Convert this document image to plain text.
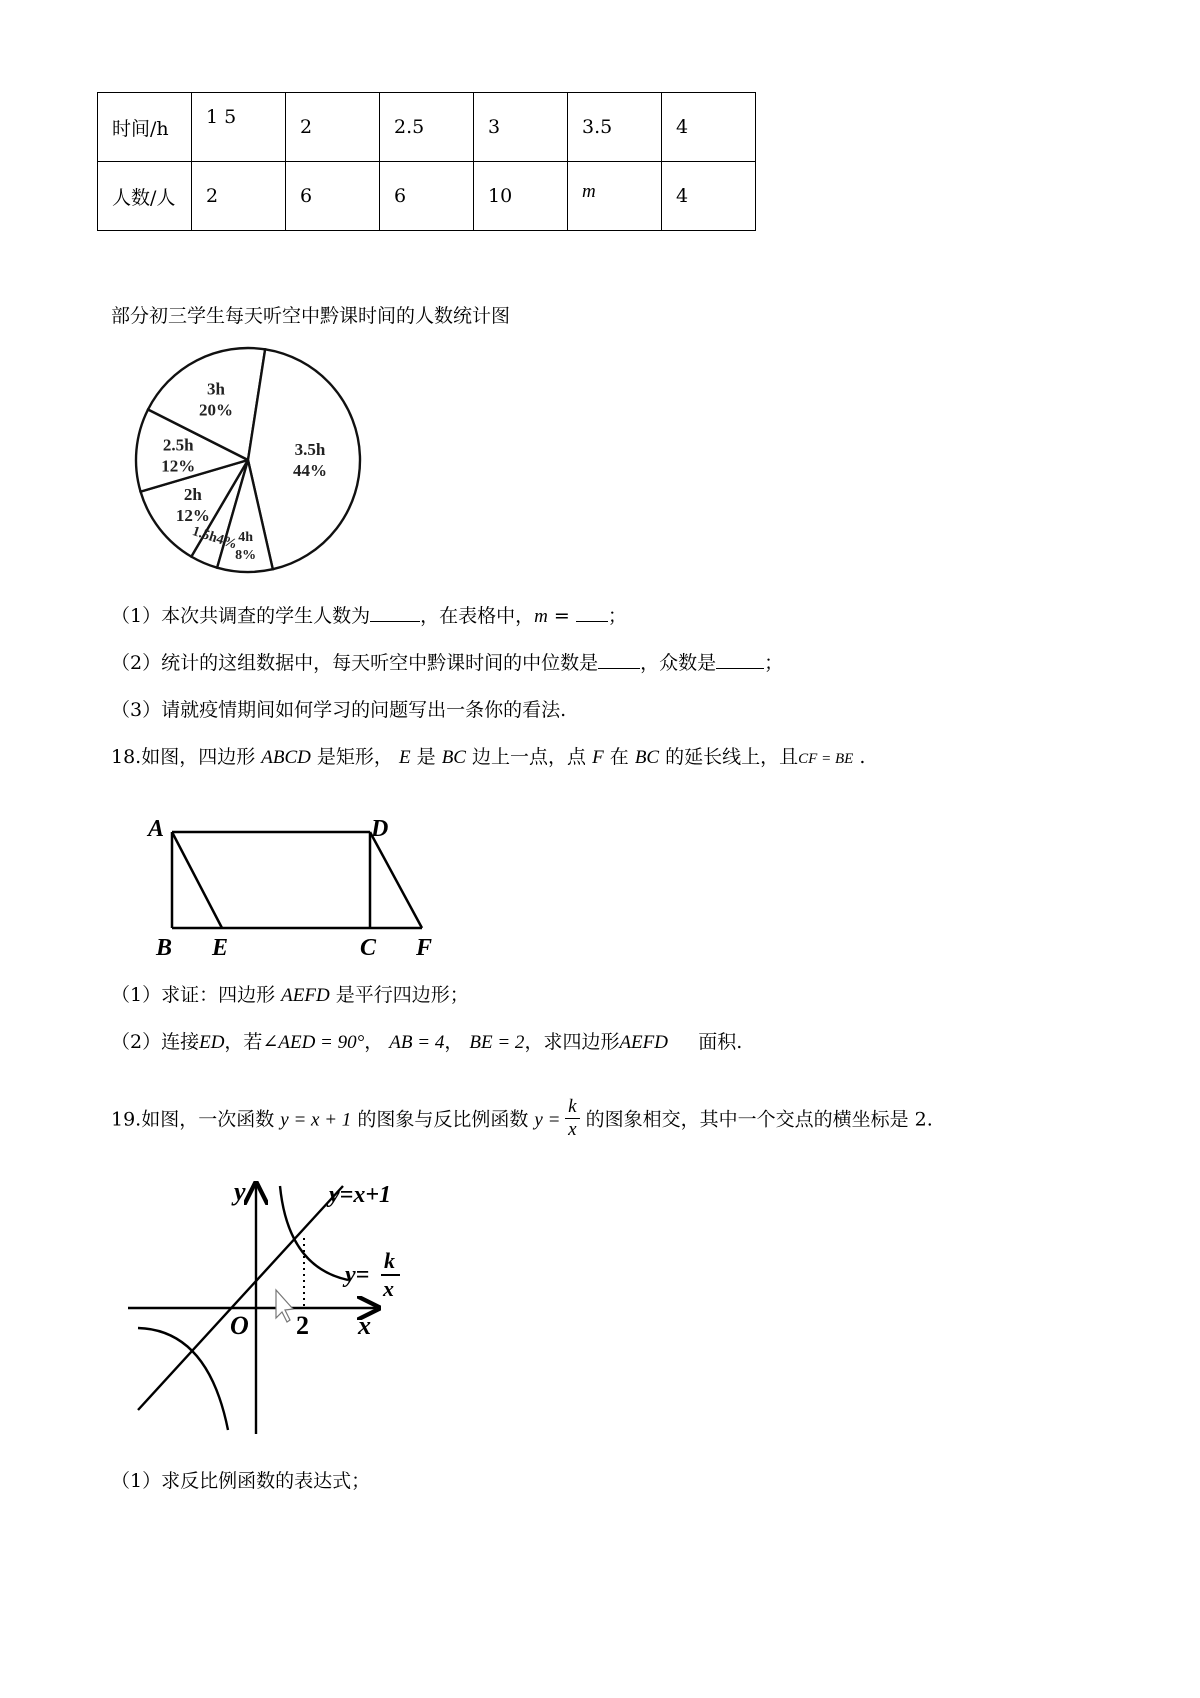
时间/h	1 5	2	2.5	3	3.5	4
人数/人	2	6	6	10	m	4
部分初三学生每天听空中黔课时间的人数统计图
1.5h4%
2h
12%
2.5h
12%
3h
20%
3.5h
44%
4h
8%
（1）本次共调查的学生人数为	，在表格中，m = ；
（2）统计的这组数据中，每天听空中黔课时间的中位数是 ，众数是	；
（3）请就疫情期间如何学习的问题写出一条你的看法.
18.如图，四边形 ABCD 是矩形， E 是 BC 边上一点，点 F 在 BC 的延长线上，且CF = BE .
A	D
B E	C F
（1）求证：四边形 AEFD 是平行四边形；
（2）连接ED，若∠AED = 90°， AB = 4， BE = 2，求四边形AEFD 面积.
19.如图，一次函数 y = x + 1 的图象与反比例函数 $y = \frac{k}{x}$ 的图象相交，其中一个交点的横坐标是 2.
y	y=x+1
y=
k
x
O 2 x
（1）求反比例函数的表达式；
